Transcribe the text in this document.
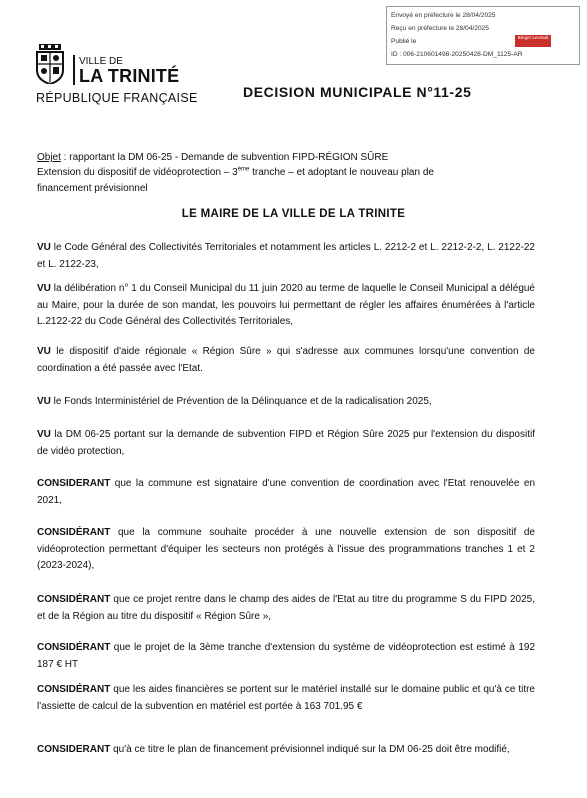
Envoyé en préfecture le 28/04/2025
Reçu en préfecture le 28/04/2025
Publié le
ID : 006-210601498-20250428-DM_1125-AR
Berger Levrault
VILLE DE
LA TRINITÉ
RÉPUBLIQUE FRANÇAISE	DECISION MUNICIPALE N°11-25

Objet : rapportant la DM 06-25 - Demande de subvention FIPD-RÉGION SÛRE
Extension du dispositif de vidéoprotection – 3ème tranche – et adoptant le nouveau plan de
financement prévisionnel

LE MAIRE DE LA VILLE DE LA TRINITE
VU le Code Général des Collectivités Territoriales et notamment les articles L. 2212-2 et L. 2212-2-2, L. 2122-22 et L. 2122-23,
VU la délibération n° 1 du Conseil Municipal du 11 juin 2020 au terme de laquelle le Conseil Municipal a délégué au Maire, pour la durée de son mandat, les pouvoirs lui permettant de régler les affaires énumérées à l'article L.2122-22 du Code Général des Collectivités Territoriales,
VU le dispositif d'aide régionale « Région Sûre » qui s'adresse aux communes lorsqu'une convention de coordination a été passée avec l'Etat.
VU le Fonds Interministériel de Prévention de la Délinquance et de la radicalisation 2025,
VU la DM 06-25 portant sur la demande de subvention FIPD et Région Sûre 2025 pur l'extension du dispositif de vidéo protection,
CONSIDERANT que la commune est signataire d'une convention de coordination avec l'Etat renouvelée en 2021,
CONSIDÉRANT que la commune souhaite procéder à une nouvelle extension de son dispositif de vidéoprotection permettant d'équiper les secteurs non protégés à l'issue des programmations tranches 1 et 2 (2023-2024),
CONSIDÉRANT que ce projet rentre dans le champ des aides de l'Etat au titre du programme S du FIPD 2025, et de la Région au titre du dispositif « Région Sûre »,
CONSIDÉRANT que le projet de la 3ème tranche d'extension du système de vidéoprotection est estimé à 192 187 € HT
CONSIDÉRANT que les aides financières se portent sur le matériel installé sur le domaine public et qu'à ce titre l'assiette de calcul de la subvention en matériel est portée à 163 701.95 €
CONSIDERANT qu'à ce titre le plan de financement prévisionnel indiqué sur la DM 06-25 doit être modifié,
